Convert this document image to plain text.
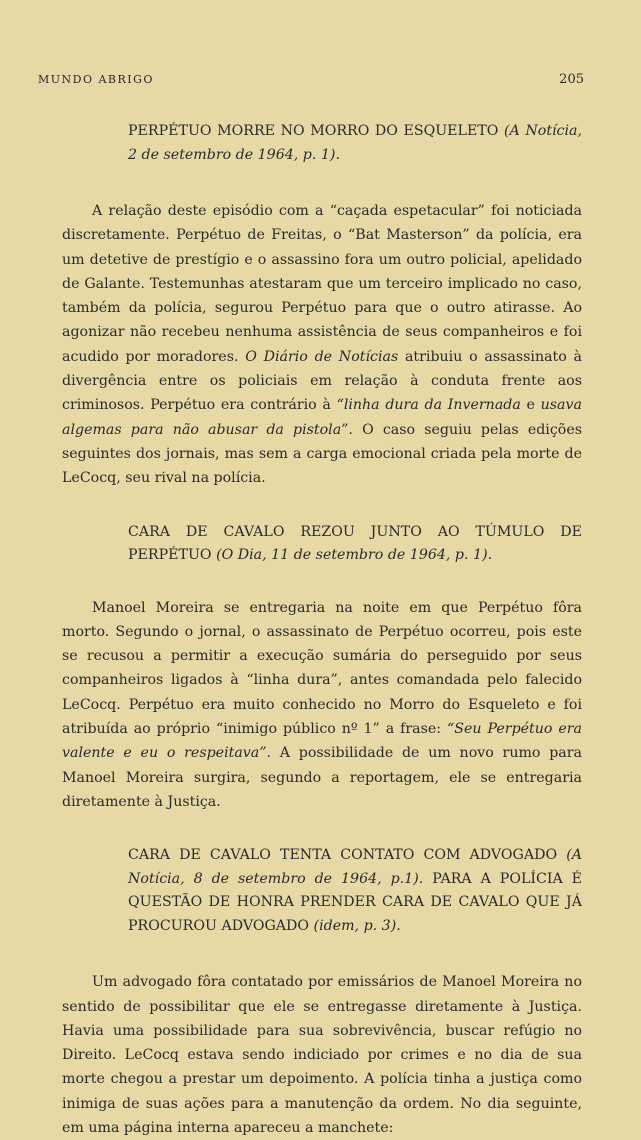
MUNDO ABRIGO	205
PERPÉTUO MORRE NO MORRO DO ESQUELETO (A Notícia, 2 de setembro de 1964, p. 1).

A relação deste episódio com a “caçada espetacular” foi noticiada discretamente. Perpétuo de Freitas, o “Bat Masterson” da polícia, era um detetive de prestígio e o assassino fora um outro policial, apelidado de Galante. Testemunhas atestaram que um terceiro implicado no caso, também da polícia, segurou Perpétuo para que o outro atirasse. Ao agonizar não recebeu nenhuma assistência de seus companheiros e foi acudido por moradores. O Diário de Notícias atribuiu o assassinato à divergência entre os policiais em relação à conduta frente aos criminosos. Perpétuo era contrário à “linha dura da Invernada e usava algemas para não abusar da pistola”. O caso seguiu pelas edições seguintes dos jornais, mas sem a carga emocional criada pela morte de LeCocq, seu rival na polícia.

CARA DE CAVALO REZOU JUNTO AO TÚMULO DE PERPÉTUO (O Dia, 11 de setembro de 1964, p. 1).

Manoel Moreira se entregaria na noite em que Perpétuo fôra morto. Segundo o jornal, o assassinato de Perpétuo ocorreu, pois este se recusou a permitir a execução sumária do perseguido por seus companheiros ligados à “linha dura”, antes comandada pelo falecido LeCocq. Perpétuo era muito conhecido no Morro do Esqueleto e foi atribuída ao próprio “inimigo público nº 1” a frase: “Seu Perpétuo era valente e eu o respeitava”. A possibilidade de um novo rumo para Manoel Moreira surgira, segundo a reportagem, ele se entregaria diretamente à Justiça.

CARA DE CAVALO TENTA CONTATO COM ADVOGADO (A Notícia, 8 de setembro de 1964, p.1). PARA A POLÍCIA É QUESTÃO DE HONRA PRENDER CARA DE CAVALO QUE JÁ PROCUROU ADVOGADO (idem, p. 3).

Um advogado fôra contatado por emissários de Manoel Moreira no sentido de possibilitar que ele se entregasse diretamente à Justiça. Havia uma possibilidade para sua sobrevivência, buscar refúgio no Direito. LeCocq estava sendo indiciado por crimes e no dia de sua morte chegou a prestar um depoimento. A polícia tinha a justiça como inimiga de suas ações para a manutenção da ordem. No dia seguinte, em uma página interna apareceu a manchete:
